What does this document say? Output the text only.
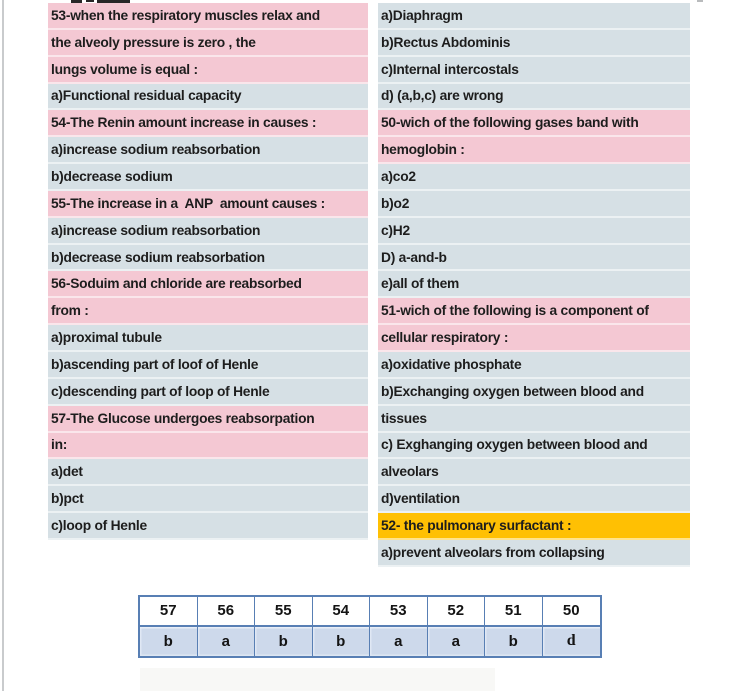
53-when the respiratory muscles relax and
the alveoly pressure is zero , the
lungs volume is equal :
a)Functional residual capacity
54-The Renin amount increase in causes :
a)increase sodium reabsorbation
b)decrease sodium
55-The increase in a  ANP  amount causes :
a)increase sodium reabsorbation
b)decrease sodium reabsorbation
56-Soduim and chloride are reabsorbed
from :
a)proximal tubule
b)ascending part of loof of Henle
c)descending part of loop of Henle
57-The Glucose undergoes reabsorpation
in:
a)det
b)pct
c)loop of Henle
a)Diaphragm
b)Rectus Abdominis
c)Internal intercostals
d) (a,b,c) are wrong
50-wich of the following gases band with
hemoglobin :
a)co2
b)o2
c)H2
D) a-and-b
e)all of them
51-wich of the following is a component of
cellular respiratory :
a)oxidative phosphate
b)Exchanging oxygen between blood and
tissues
c) Exghanging oxygen between blood and
alveolars
d)ventilation
52- the pulmonary surfactant :
a)prevent alveolars from collapsing
57	56	55	54	53	52	51	50
b	a	b	b	a	a	b	d
